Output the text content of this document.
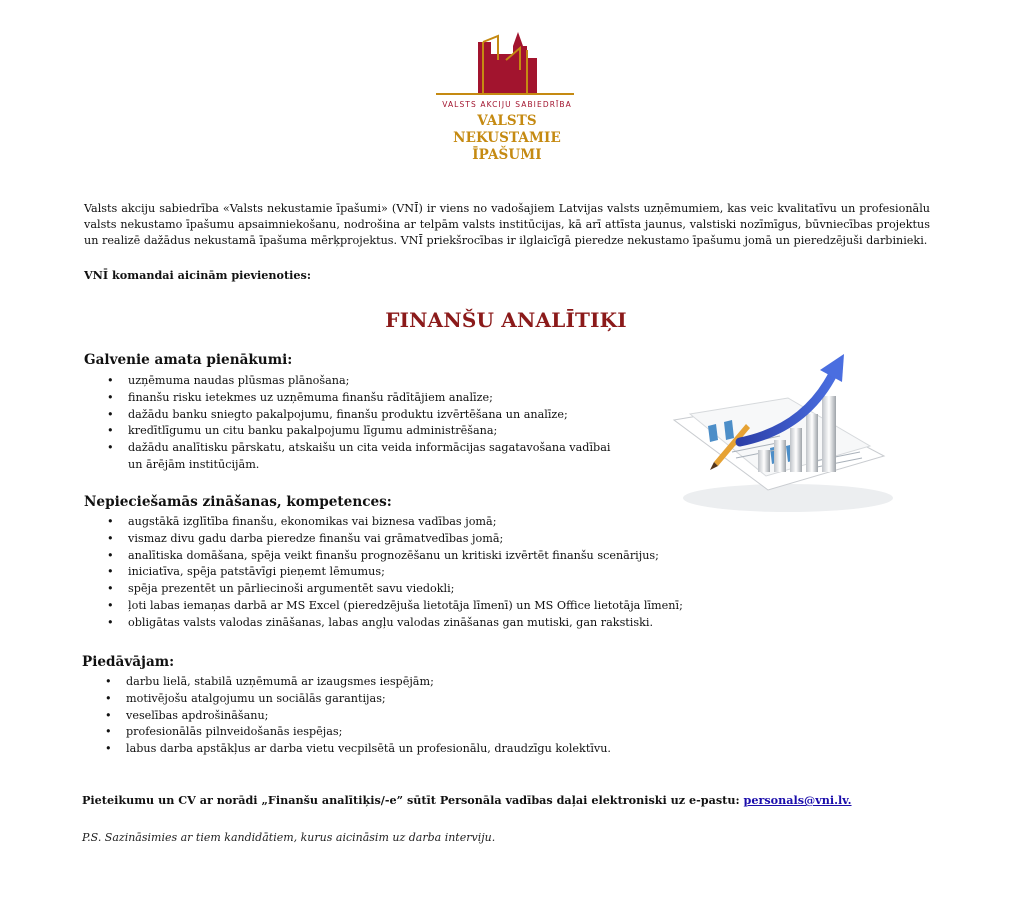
VALSTS AKCIJU SABIEDRĪBA
VALSTS NEKUSTAMIE
ĪPAŠUMI

Valsts akciju sabiedrība «Valsts nekustamie īpašumi» (VNĪ) ir viens no vadošajiem Latvijas valsts uzņēmumiem, kas veic kvalitatīvu un profesionālu valsts nekustamo īpašumu apsaimniekošanu, nodrošina ar telpām valsts institūcijas, kā arī attīsta jaunus, valstiski nozīmīgus, būvniecības projektus un realizē dažādus nekustamā īpašuma mērķprojektus. VNĪ priekšrocības ir ilglaicīgā pieredze nekustamo īpašumu jomā un pieredzējuši darbinieki.

VNĪ komandai aicinām pievienoties:

FINANŠU ANALĪTIĶI
Galvenie amata pienākumi:
• uzņēmuma naudas plūsmas plānošana;
• finanšu risku ietekmes uz uzņēmuma finanšu rādītājiem analīze;
• dažādu banku sniegto pakalpojumu, finanšu produktu izvērtēšana un analīze;
• kredītlīgumu un citu banku pakalpojumu līgumu administrēšana;
• dažādu analītisku pārskatu, atskaišu un cita veida informācijas sagatavošana vadībai un ārējām institūcijām.
Nepieciešamās zināšanas, kompetences:
• augstākā izglītība finanšu, ekonomikas vai biznesa vadības jomā;
• vismaz divu gadu darba pieredze finanšu vai grāmatvedības jomā;
• analītiska domāšana, spēja veikt finanšu prognozēšanu un kritiski izvērtēt finanšu scenārijus;
• iniciatīva, spēja patstāvīgi pieņemt lēmumus;
• spēja prezentēt un pārliecinoši argumentēt savu viedokli;
• ļoti labas iemaņas darbā ar MS Excel (pieredzējuša lietotāja līmenī) un MS Office lietotāja līmenī;
• obligātas valsts valodas zināšanas, labas angļu valodas zināšanas gan mutiski, gan rakstiski.
Piedāvājam:
• darbu lielā, stabilā uzņēmumā ar izaugsmes iespējām;
• motivējošu atalgojumu un sociālās garantijas;
• veselības apdrošināšanu;
• profesionālās pilnveidošanās iespējas;
• labus darba apstākļus ar darba vietu vecpilsētā un profesionālu, draudzīgu kolektīvu.

Pieteikumu un CV ar norādi „Finanšu analītiķis/-e” sūtīt Personāla vadības daļai elektroniski uz e-pastu: personals@vni.lv.

P.S. Sazināsimies ar tiem kandidātiem, kurus aicināsim uz darba interviju.
